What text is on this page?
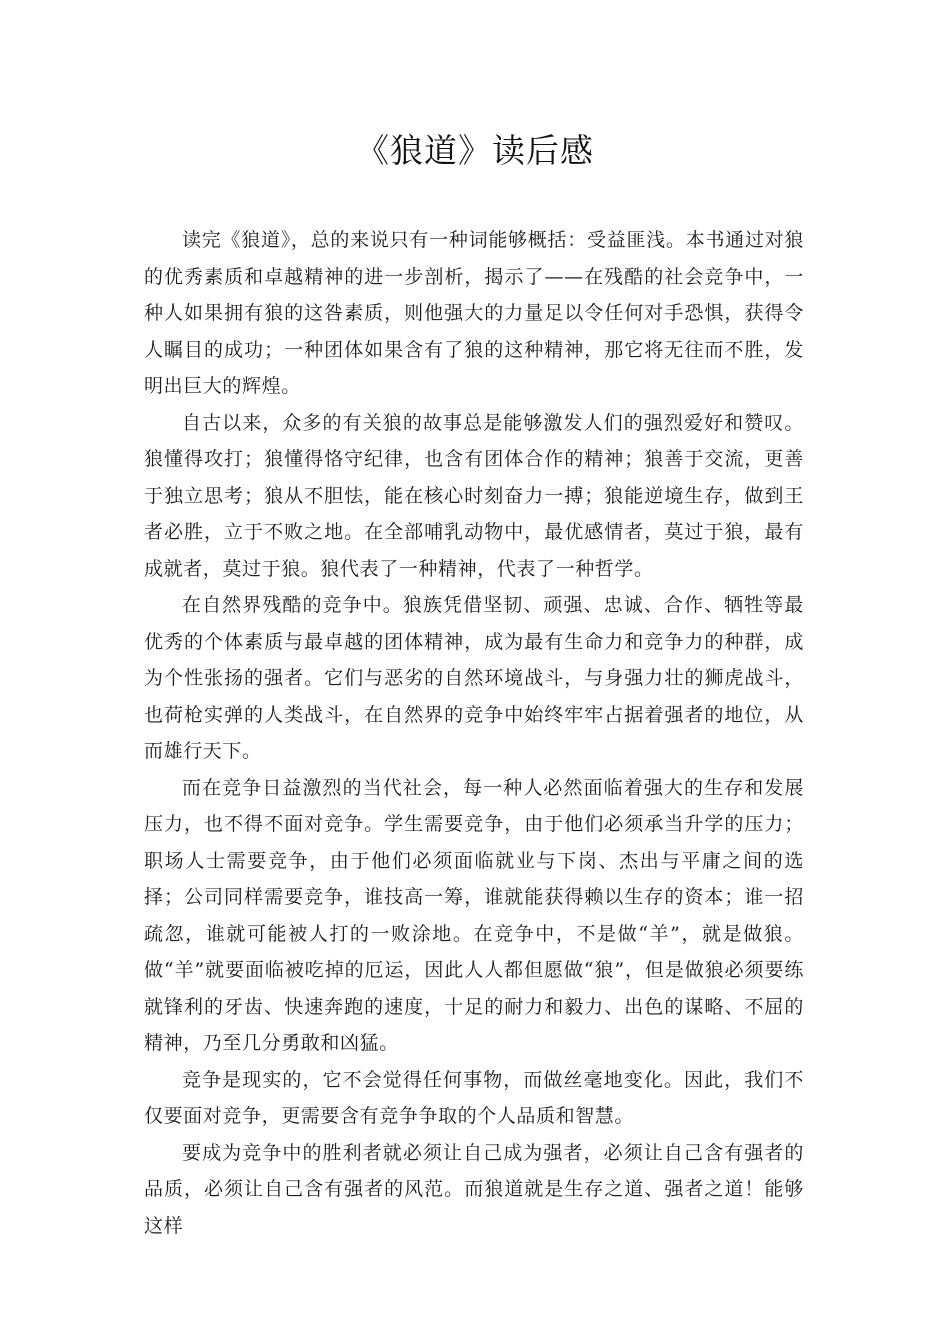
《狼道》读后感

读完《狼道》，总的来说只有一种词能够概括：受益匪浅。本书通过对狼的优秀素质和卓越精神的进一步剖析，揭示了——在残酷的社会竞争中，一种人如果拥有狼的这咎素质，则他强大的力量足以令任何对手恐惧，获得令人瞩目的成功；一种团体如果含有了狼的这种精神，那它将无往而不胜，发明出巨大的辉煌。

自古以来，众多的有关狼的故事总是能够激发人们的强烈爱好和赞叹。狼懂得攻打；狼懂得恪守纪律，也含有团体合作的精神；狼善于交流，更善于独立思考；狼从不胆怯，能在核心时刻奋力一搏；狼能逆境生存，做到王者必胜，立于不败之地。在全部哺乳动物中，最优感情者，莫过于狼，最有成就者，莫过于狼。狼代表了一种精神，代表了一种哲学。

在自然界残酷的竞争中。狼族凭借坚韧、顽强、忠诚、合作、牺牲等最优秀的个体素质与最卓越的团体精神，成为最有生命力和竞争力的种群，成为个性张扬的强者。它们与恶劣的自然环境战斗，与身强力壮的狮虎战斗，也荷枪实弹的人类战斗，在自然界的竞争中始终牢牢占据着强者的地位，从而雄行天下。

而在竞争日益激烈的当代社会，每一种人必然面临着强大的生存和发展压力，也不得不面对竞争。学生需要竞争，由于他们必须承当升学的压力；职场人士需要竞争，由于他们必须面临就业与下岗、杰出与平庸之间的选择；公司同样需要竞争，谁技高一筹，谁就能获得赖以生存的资本；谁一招疏忽，谁就可能被人打的一败涂地。在竞争中，不是做“羊”，就是做狼。做“羊”就要面临被吃掉的厄运，因此人人都但愿做“狼”，但是做狼必须要练就锋利的牙齿、快速奔跑的速度，十足的耐力和毅力、出色的谋略、不屈的精神，乃至几分勇敢和凶猛。

竞争是现实的，它不会觉得任何事物，而做丝毫地变化。因此，我们不仅要面对竞争，更需要含有竞争争取的个人品质和智慧。

要成为竞争中的胜利者就必须让自己成为强者，必须让自己含有强者的品质，必须让自己含有强者的风范。而狼道就是生存之道、强者之道！能够这样
